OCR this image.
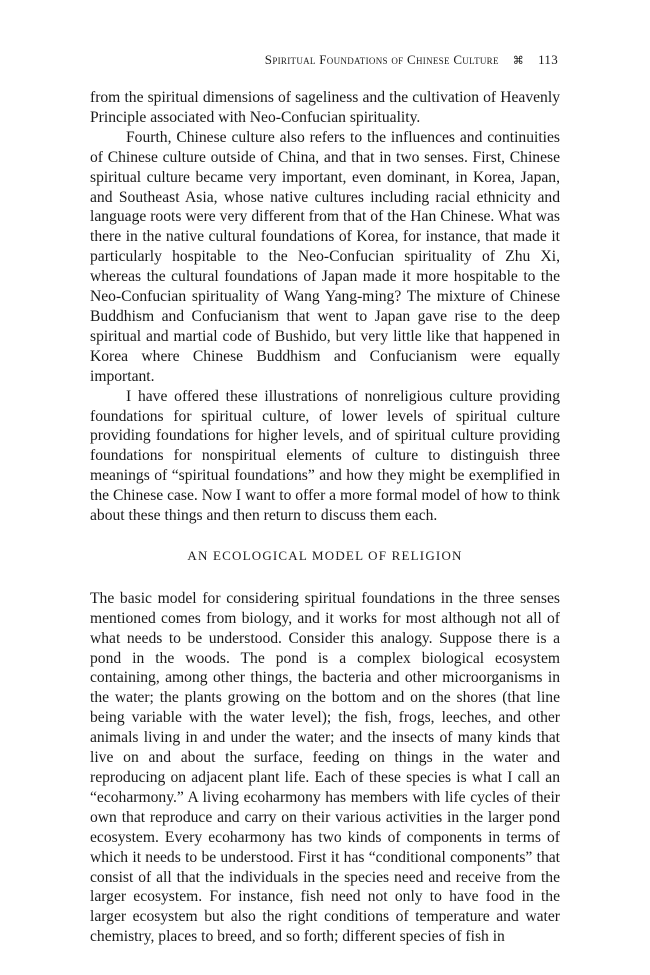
Spiritual Foundations of Chinese Culture ⌘ 113

from the spiritual dimensions of sageliness and the cultivation of Heavenly Principle associated with Neo-Confucian spirituality.

Fourth, Chinese culture also refers to the influences and continuities of Chinese culture outside of China, and that in two senses. First, Chinese spiritual culture became very important, even dominant, in Korea, Japan, and Southeast Asia, whose native cultures including racial ethnicity and language roots were very different from that of the Han Chinese. What was there in the native cultural foundations of Korea, for instance, that made it particularly hospitable to the Neo-Confucian spirituality of Zhu Xi, whereas the cultural foundations of Japan made it more hospitable to the Neo-Confucian spirituality of Wang Yang-ming? The mixture of Chinese Buddhism and Confucianism that went to Japan gave rise to the deep spiritual and martial code of Bushido, but very little like that happened in Korea where Chinese Buddhism and Confucianism were equally important.

I have offered these illustrations of nonreligious culture providing foundations for spiritual culture, of lower levels of spiritual culture providing foundations for higher levels, and of spiritual culture providing foundations for nonspiritual elements of culture to distinguish three meanings of “spiritual foundations” and how they might be exemplified in the Chinese case. Now I want to offer a more formal model of how to think about these things and then return to discuss them each.

AN ECOLOGICAL MODEL OF RELIGION

The basic model for considering spiritual foundations in the three senses mentioned comes from biology, and it works for most although not all of what needs to be understood. Consider this analogy. Suppose there is a pond in the woods. The pond is a complex biological ecosystem containing, among other things, the bacteria and other microorganisms in the water; the plants growing on the bottom and on the shores (that line being variable with the water level); the fish, frogs, leeches, and other animals living in and under the water; and the insects of many kinds that live on and about the surface, feeding on things in the water and reproducing on adjacent plant life. Each of these species is what I call an “ecoharmony.” A living ecoharmony has members with life cycles of their own that reproduce and carry on their various activities in the larger pond ecosystem. Every ecoharmony has two kinds of components in terms of which it needs to be understood. First it has “conditional components” that consist of all that the individuals in the species need and receive from the larger ecosystem. For instance, fish need not only to have food in the larger ecosystem but also the right conditions of temperature and water chemistry, places to breed, and so forth; different species of fish in
